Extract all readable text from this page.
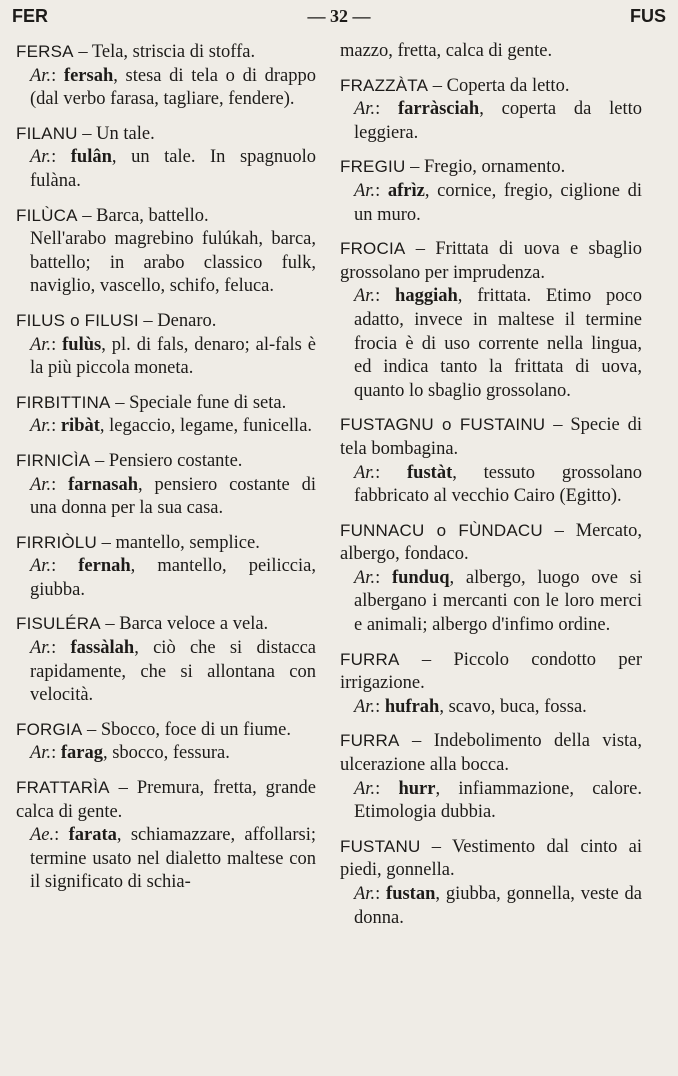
FER	— 32 —	FUS
FERSA – Tela, striscia di stoffa.
Ar.: fersah, stesa di tela o di drappo (dal verbo farasa, tagliare, fendere).
FILANU – Un tale.
Ar.: fulân, un tale. In spagnuolo fulàna.
FILÙCA – Barca, battello.
Nell'arabo magrebino fulúkah, barca, battello; in arabo classico fulk, naviglio, vascello, schifo, feluca.
FILUS o FILUSI – Denaro.
Ar.: fulùs, pl. di fals, denaro; al-fals è la più piccola moneta.
FIRBITTINA – Speciale fune di seta.
Ar.: ribàt, legaccio, legame, funicella.
FIRNICÌA – Pensiero costante.
Ar.: farnasah, pensiero costante di una donna per la sua casa.
FIRRIÒLU – mantello, semplice.
Ar.: fernah, mantello, peiliccia, giubba.
FISULÉRA – Barca veloce a vela.
Ar.: fassàlah, ciò che si distacca rapidamente, che si allontana con velocità.
FORGIA – Sbocco, foce di un fiume.
Ar.: farag, sbocco, fessura.
FRATTARÌA – Premura, fretta, grande calca di gente.
Ae.: farata, schiamazzare, affollarsi; termine usato nel dialetto maltese con il significato di schia-
mazzo, fretta, calca di gente.
FRAZZÀTA – Coperta da letto.
Ar.: farràsciah, coperta da letto leggiera.
FREGIU – Fregio, ornamento.
Ar.: afrìz, cornice, fregio, ciglione di un muro.
FROCIA – Frittata di uova e sbaglio grossolano per imprudenza.
Ar.: haggiah, frittata. Etimo poco adatto, invece in maltese il termine frocia è di uso corrente nella lingua, ed indica tanto la frittata di uova, quanto lo sbaglio grossolano.
FUSTAGNU o FUSTAINU – Specie di tela bombagina.
Ar.: fustàt, tessuto grossolano fabbricato al vecchio Cairo (Egitto).
FUNNACU o FÙNDACU – Mercato, albergo, fondaco.
Ar.: funduq, albergo, luogo ove si albergano i mercanti con le loro merci e animali; albergo d'infimo ordine.
FURRA – Piccolo condotto per irrigazione.
Ar.: hufrah, scavo, buca, fossa.
FURRA – Indebolimento della vista, ulcerazione alla bocca.
Ar.: hurr, infiammazione, calore. Etimologia dubbia.
FUSTANU – Vestimento dal cinto ai piedi, gonnella.
Ar.: fustan, giubba, gonnella, veste da donna.
